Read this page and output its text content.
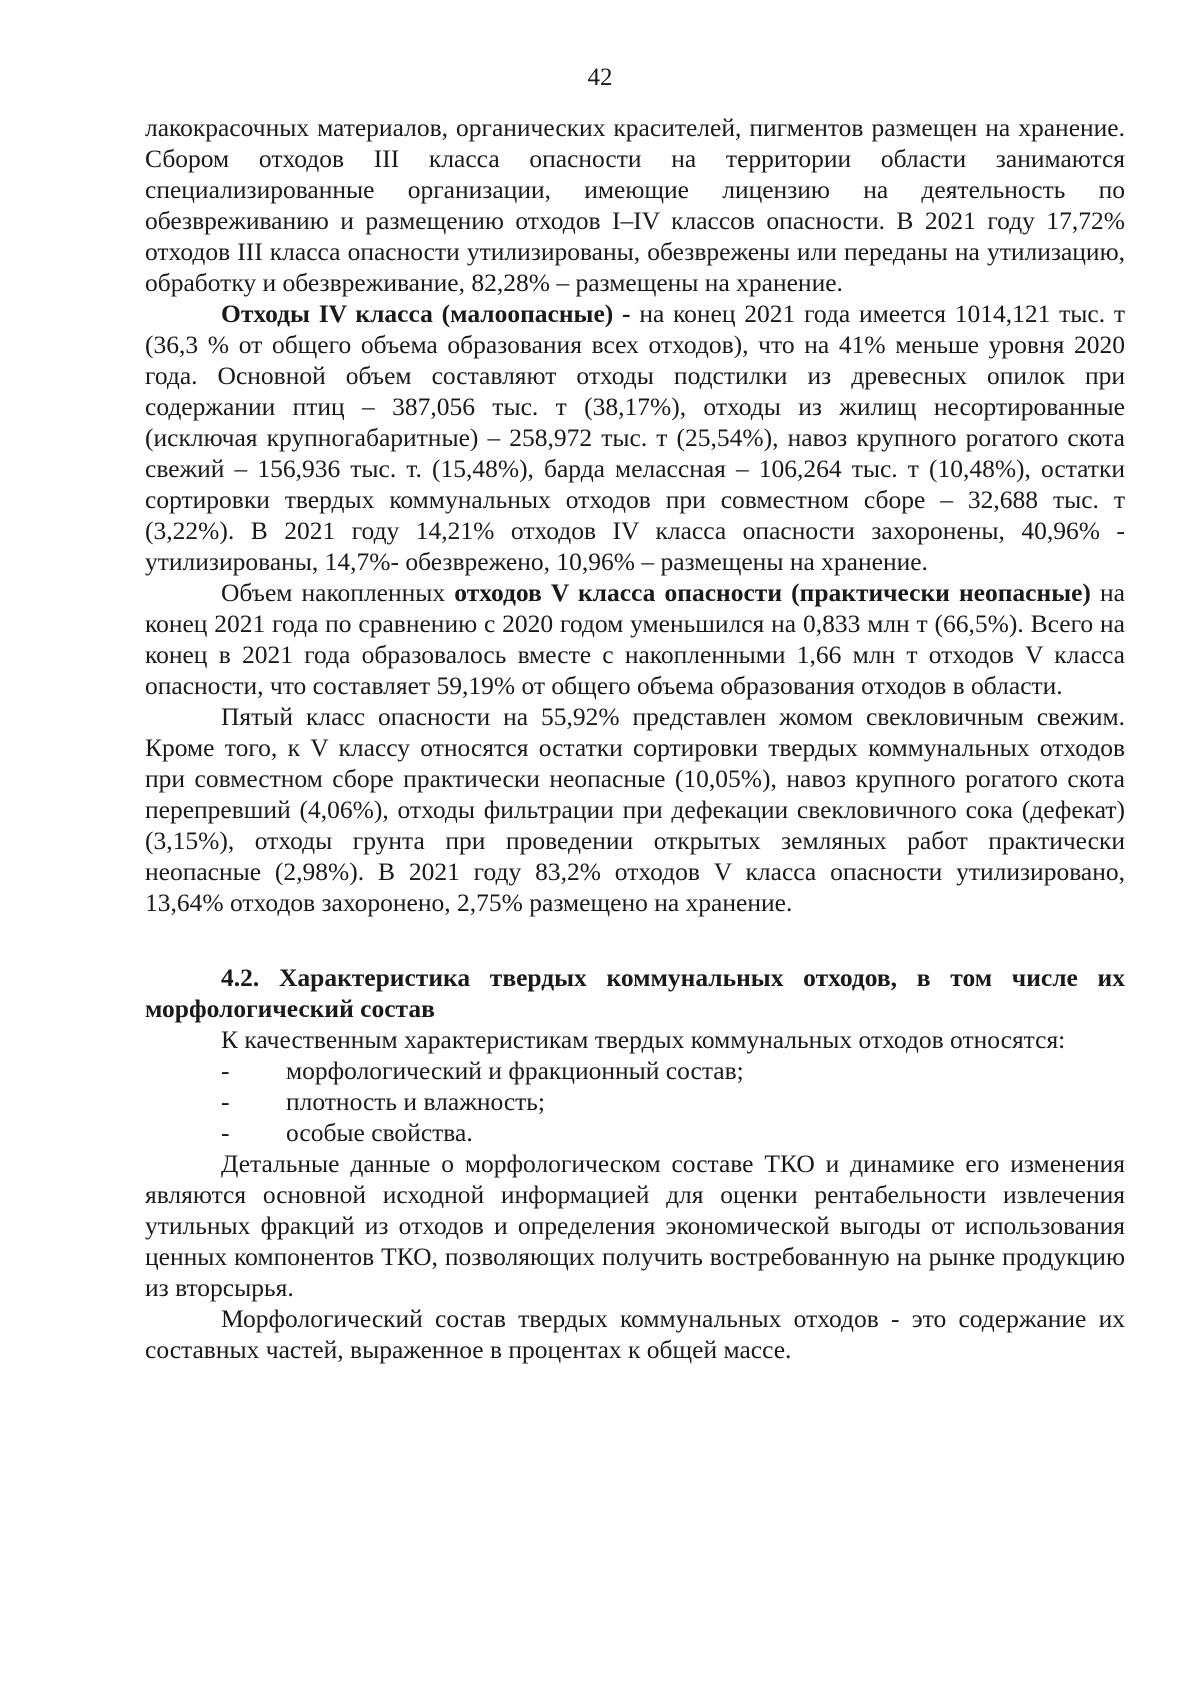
42

лакокрасочных материалов, органических красителей, пигментов размещен на хранение. Сбором отходов III класса опасности на территории области занимаются специализированные организации, имеющие лицензию на деятельность по обезвреживанию и размещению отходов I–IV классов опасности. В 2021 году 17,72% отходов III класса опасности утилизированы, обезврежены или переданы на утилизацию, обработку и обезвреживание, 82,28% – размещены на хранение.

Отходы IV класса (малоопасные) - на конец 2021 года имеется 1014,121 тыс. т (36,3 % от общего объема образования всех отходов), что на 41% меньше уровня 2020 года. Основной объем составляют отходы подстилки из древесных опилок при содержании птиц – 387,056 тыс. т (38,17%), отходы из жилищ несортированные (исключая крупногабаритные) – 258,972 тыс. т (25,54%), навоз крупного рогатого скота свежий – 156,936 тыс. т. (15,48%), барда мелассная – 106,264 тыс. т (10,48%), остатки сортировки твердых коммунальных отходов при совместном сборе – 32,688 тыс. т (3,22%). В 2021 году 14,21% отходов IV класса опасности захоронены, 40,96% - утилизированы, 14,7%- обезврежено, 10,96% – размещены на хранение.

Объем накопленных отходов V класса опасности (практически неопасные) на конец 2021 года по сравнению с 2020 годом уменьшился на 0,833 млн т (66,5%). Всего на конец в 2021 года образовалось вместе с накопленными 1,66 млн т отходов V класса опасности, что составляет 59,19% от общего объема образования отходов в области.

Пятый класс опасности на 55,92% представлен жомом свекловичным свежим. Кроме того, к V классу относятся остатки сортировки твердых коммунальных отходов при совместном сборе практически неопасные (10,05%), навоз крупного рогатого скота перепревший (4,06%), отходы фильтрации при дефекации свекловичного сока (дефекат) (3,15%), отходы грунта при проведении открытых земляных работ практически неопасные (2,98%). В 2021 году 83,2% отходов V класса опасности утилизировано, 13,64% отходов захоронено, 2,75% размещено на хранение.

4.2. Характеристика твердых коммунальных отходов, в том числе их морфологический состав

К качественным характеристикам твердых коммунальных отходов относятся:

- морфологический и фракционный состав;
- плотность и влажность;
- особые свойства.

Детальные данные о морфологическом составе ТКО и динамике его изменения являются основной исходной информацией для оценки рентабельности извлечения утильных фракций из отходов и определения экономической выгоды от использования ценных компонентов ТКО, позволяющих получить востребованную на рынке продукцию из вторсырья.

Морфологический состав твердых коммунальных отходов - это содержание их составных частей, выраженное в процентах к общей массе.
